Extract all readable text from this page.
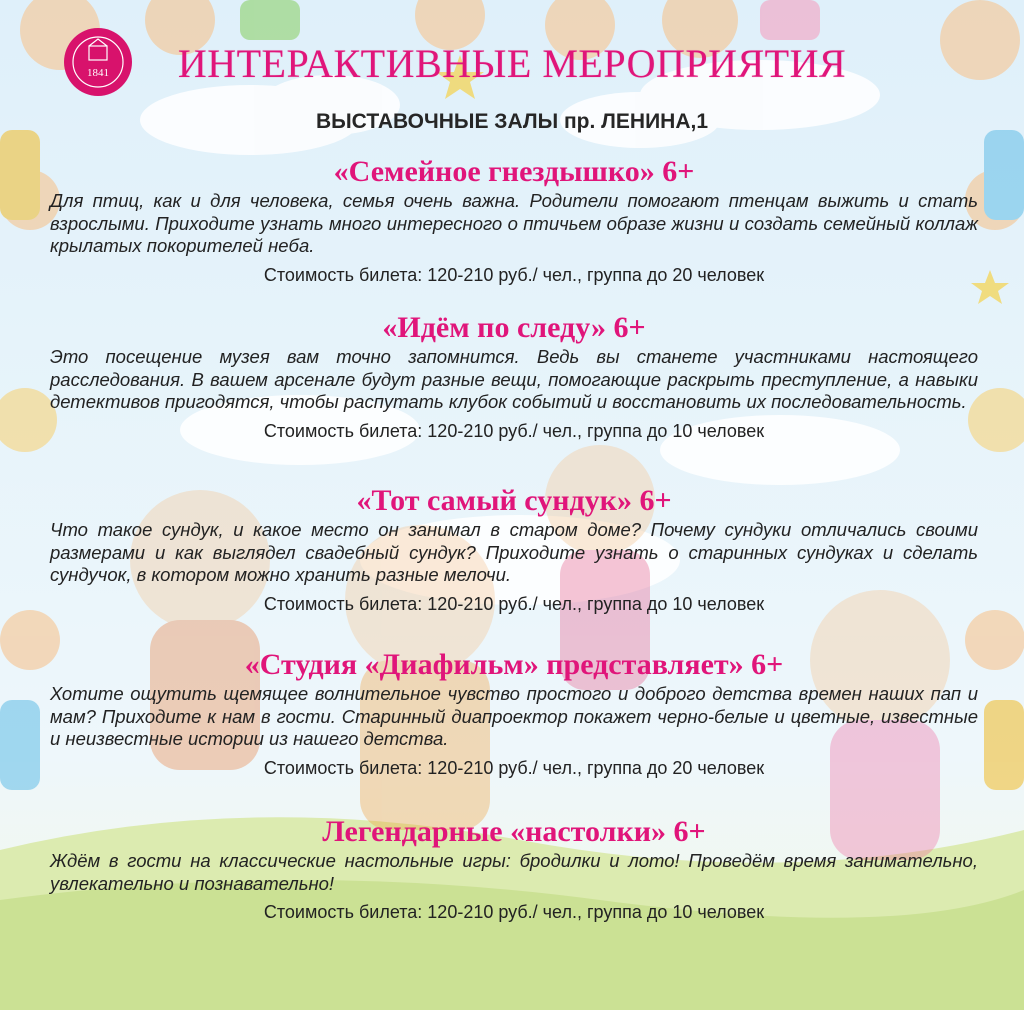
1841	ИНТЕРАКТИВНЫЕ МЕРОПРИЯТИЯ

ВЫСТАВОЧНЫЕ ЗАЛЫ пр. ЛЕНИНА,1

«Семейное гнездышко» 6+

Для птиц, как и для человека, семья очень важна. Родители помогают птенцам выжить и стать взрослыми. Приходите узнать много интересного о птичьем образе жизни и создать семейный коллаж крылатых покорителей неба.

Стоимость билета: 120-210 руб./ чел., группа до 20 человек

«Идём по следу» 6+

Это посещение музея вам точно запомнится. Ведь вы станете участниками настоящего расследования. В вашем арсенале будут разные вещи, помогающие раскрыть преступление, а навыки детективов пригодятся, чтобы распутать клубок событий и восстановить их последовательность.

Стоимость билета: 120-210 руб./ чел., группа до 10 человек

«Тот самый сундук» 6+

Что такое сундук, и какое место он занимал в старом доме? Почему сундуки отличались своими размерами и как выглядел свадебный сундук? Приходите узнать о старинных сундуках и сделать сундучок, в котором можно хранить разные мелочи.

Стоимость билета: 120-210 руб./ чел., группа до 10 человек

«Студия «Диафильм» представляет» 6+

Хотите ощутить щемящее волнительное чувство простого и доброго детства времен наших пап и мам? Приходите к нам в гости. Старинный диапроектор покажет черно-белые и цветные, известные и неизвестные истории из нашего детства.

Стоимость билета: 120-210 руб./ чел., группа до 20 человек

Легендарные «настолки» 6+

Ждём в гости на классические настольные игры: бродилки и лото! Проведём время занимательно, увлекательно и познавательно!

Стоимость билета: 120-210 руб./ чел., группа до 10 человек
